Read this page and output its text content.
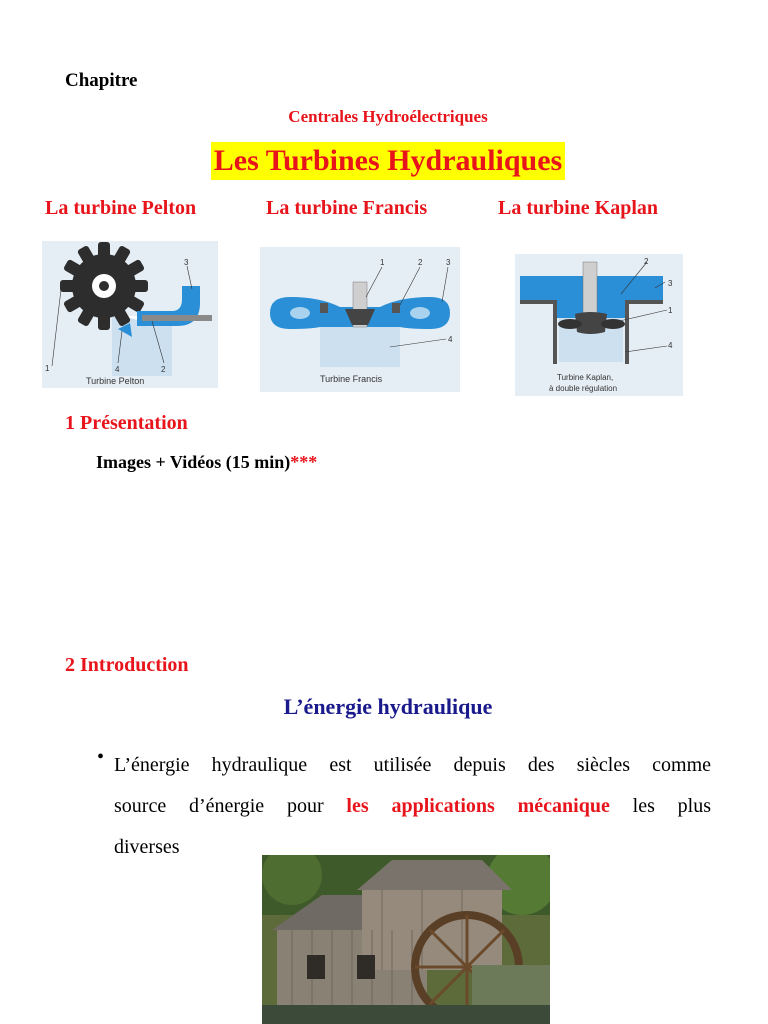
Chapitre
Centrales Hydroélectriques
Les Turbines Hydrauliques
La turbine Pelton	La turbine Francis	La turbine Kaplan
1	2
3
4
Turbine Pelton
1	2	3
4
Turbine Francis
2
3
1
4
Turbine Kaplan,
à double régulation
1 Présentation
Images + Vidéos (15 min)***
2 Introduction
L’énergie hydraulique
• L’énergie hydraulique est utilisée depuis des siècles comme
source d’énergie pour les applications mécanique les plus
diverses
